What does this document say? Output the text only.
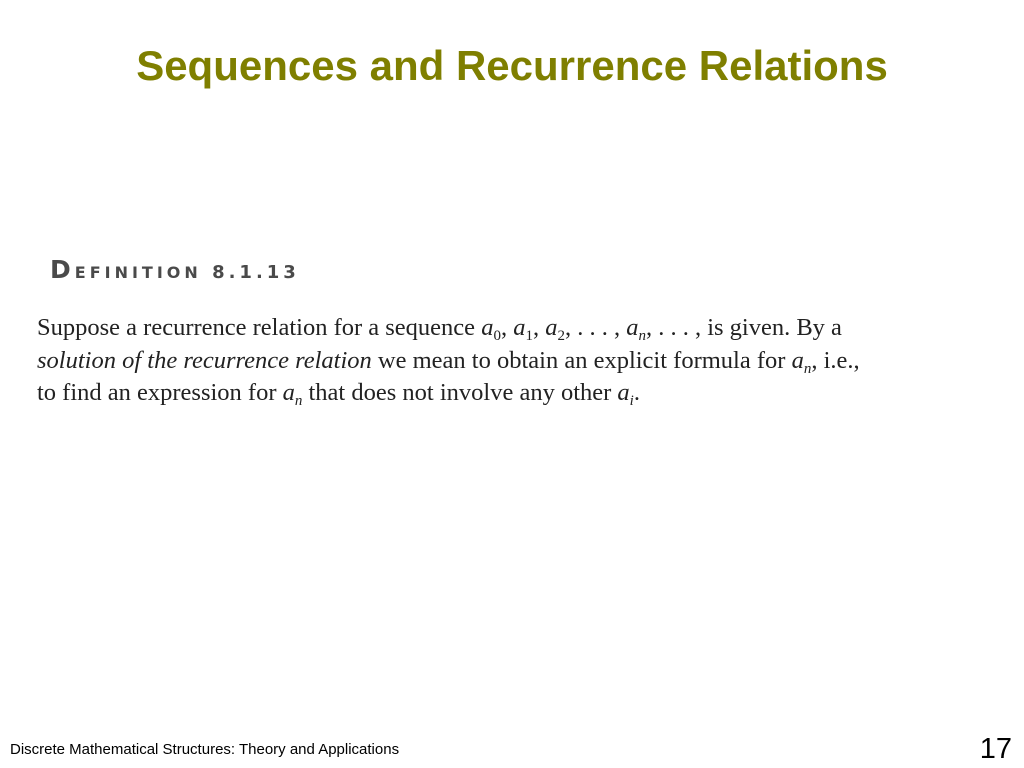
Sequences and Recurrence Relations
DEFINITION 8.1.13
Suppose a recurrence relation for a sequence $a_0$, $a_1$, $a_2$, . . . , $a_n$, . . . , is given. By a
solution of the recurrence relation we mean to obtain an explicit formula for $a_n$, i.e.,
to find an expression for $a_n$ that does not involve any other $a_i$.
Discrete Mathematical Structures: Theory and Applications	17
